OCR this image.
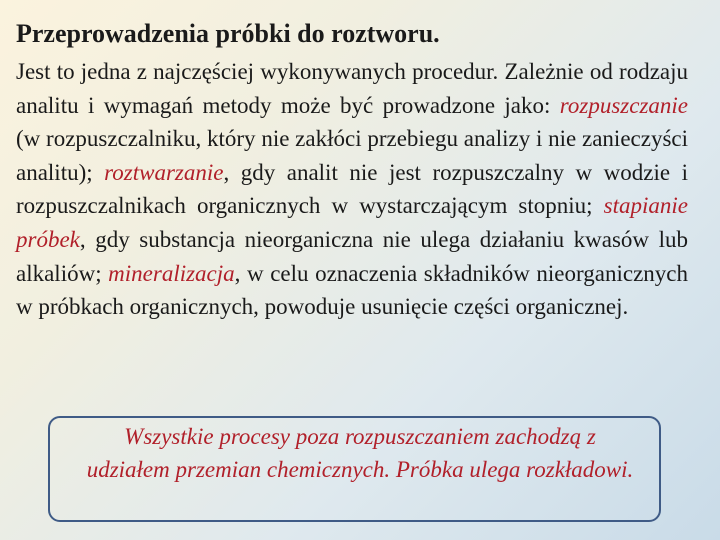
Przeprowadzenia próbki do roztworu.

Jest to jedna z najczęściej wykonywanych procedur. Zależnie od rodzaju analitu i wymagań metody może być prowadzone jako: rozpuszczanie (w rozpuszczalniku, który nie zakłóci przebiegu analizy i nie zanieczyści analitu); roztwarzanie, gdy analit nie jest rozpuszczalny w wodzie i rozpuszczalnikach organicznych w wystarczającym stopniu; stapianie próbek, gdy substancja nieorganiczna nie ulega działaniu kwasów lub alkaliów; mineralizacja, w celu oznaczenia składników nieorganicznych w próbkach organicznych, powoduje usunięcie części organicznej.

Wszystkie procesy poza rozpuszczaniem zachodzą z
udziałem przemian chemicznych. Próbka ulega rozkładowi.
